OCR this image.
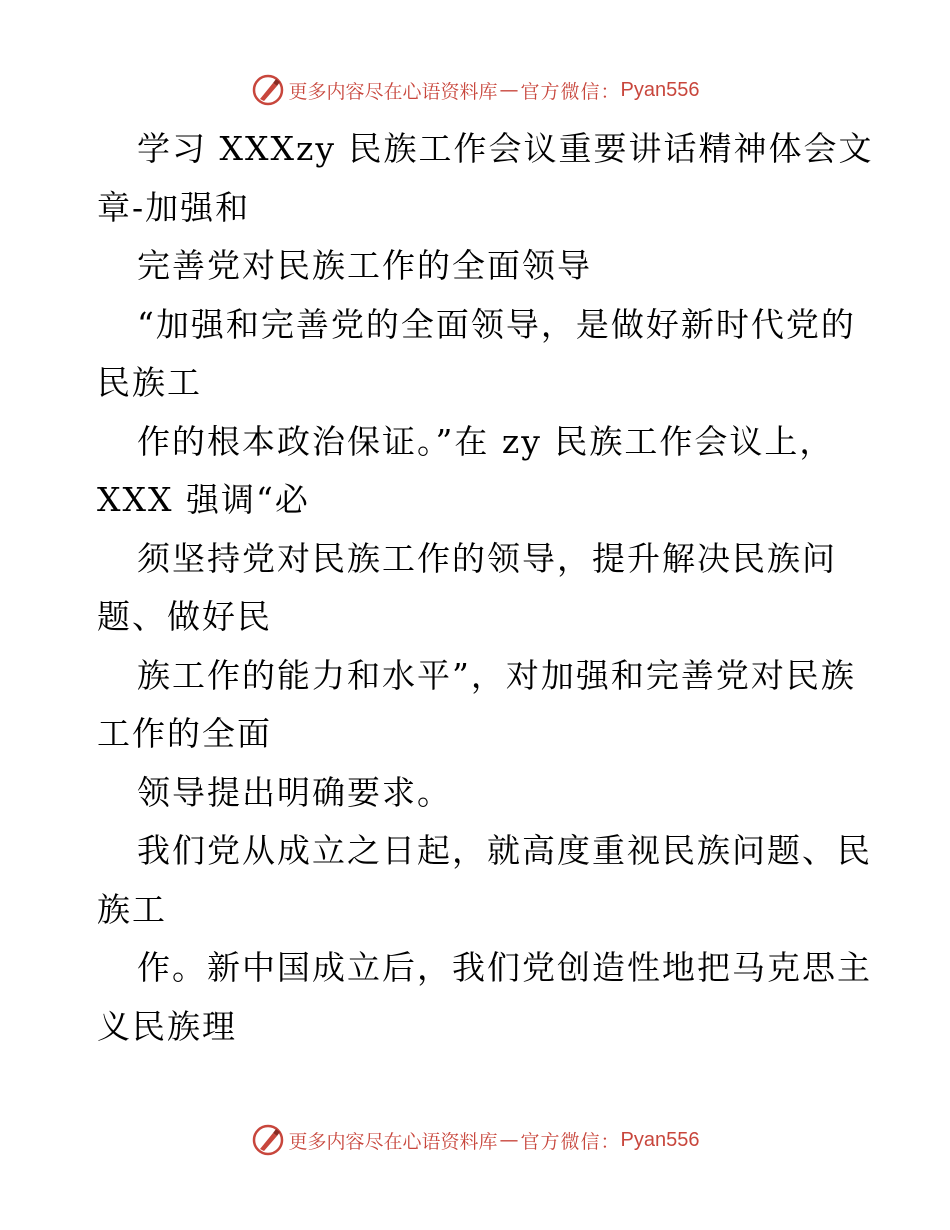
更多内容尽在心语资料库 — 官方微信： Pyan556
学习 XXXzy 民族工作会议重要讲话精神体会文
章-加强和
完善党对民族工作的全面领导
“加强和完善党的全面领导，是做好新时代党的
民族工
作的根本政治保证。”在 zy 民族工作会议上，
XXX 强调“必
须坚持党对民族工作的领导，提升解决民族问
题、做好民
族工作的能力和水平”，对加强和完善党对民族
工作的全面
领导提出明确要求。
我们党从成立之日起，就高度重视民族问题、民
族工
作。新中国成立后，我们党创造性地把马克思主
义民族理
更多内容尽在心语资料库 — 官方微信： Pyan556
